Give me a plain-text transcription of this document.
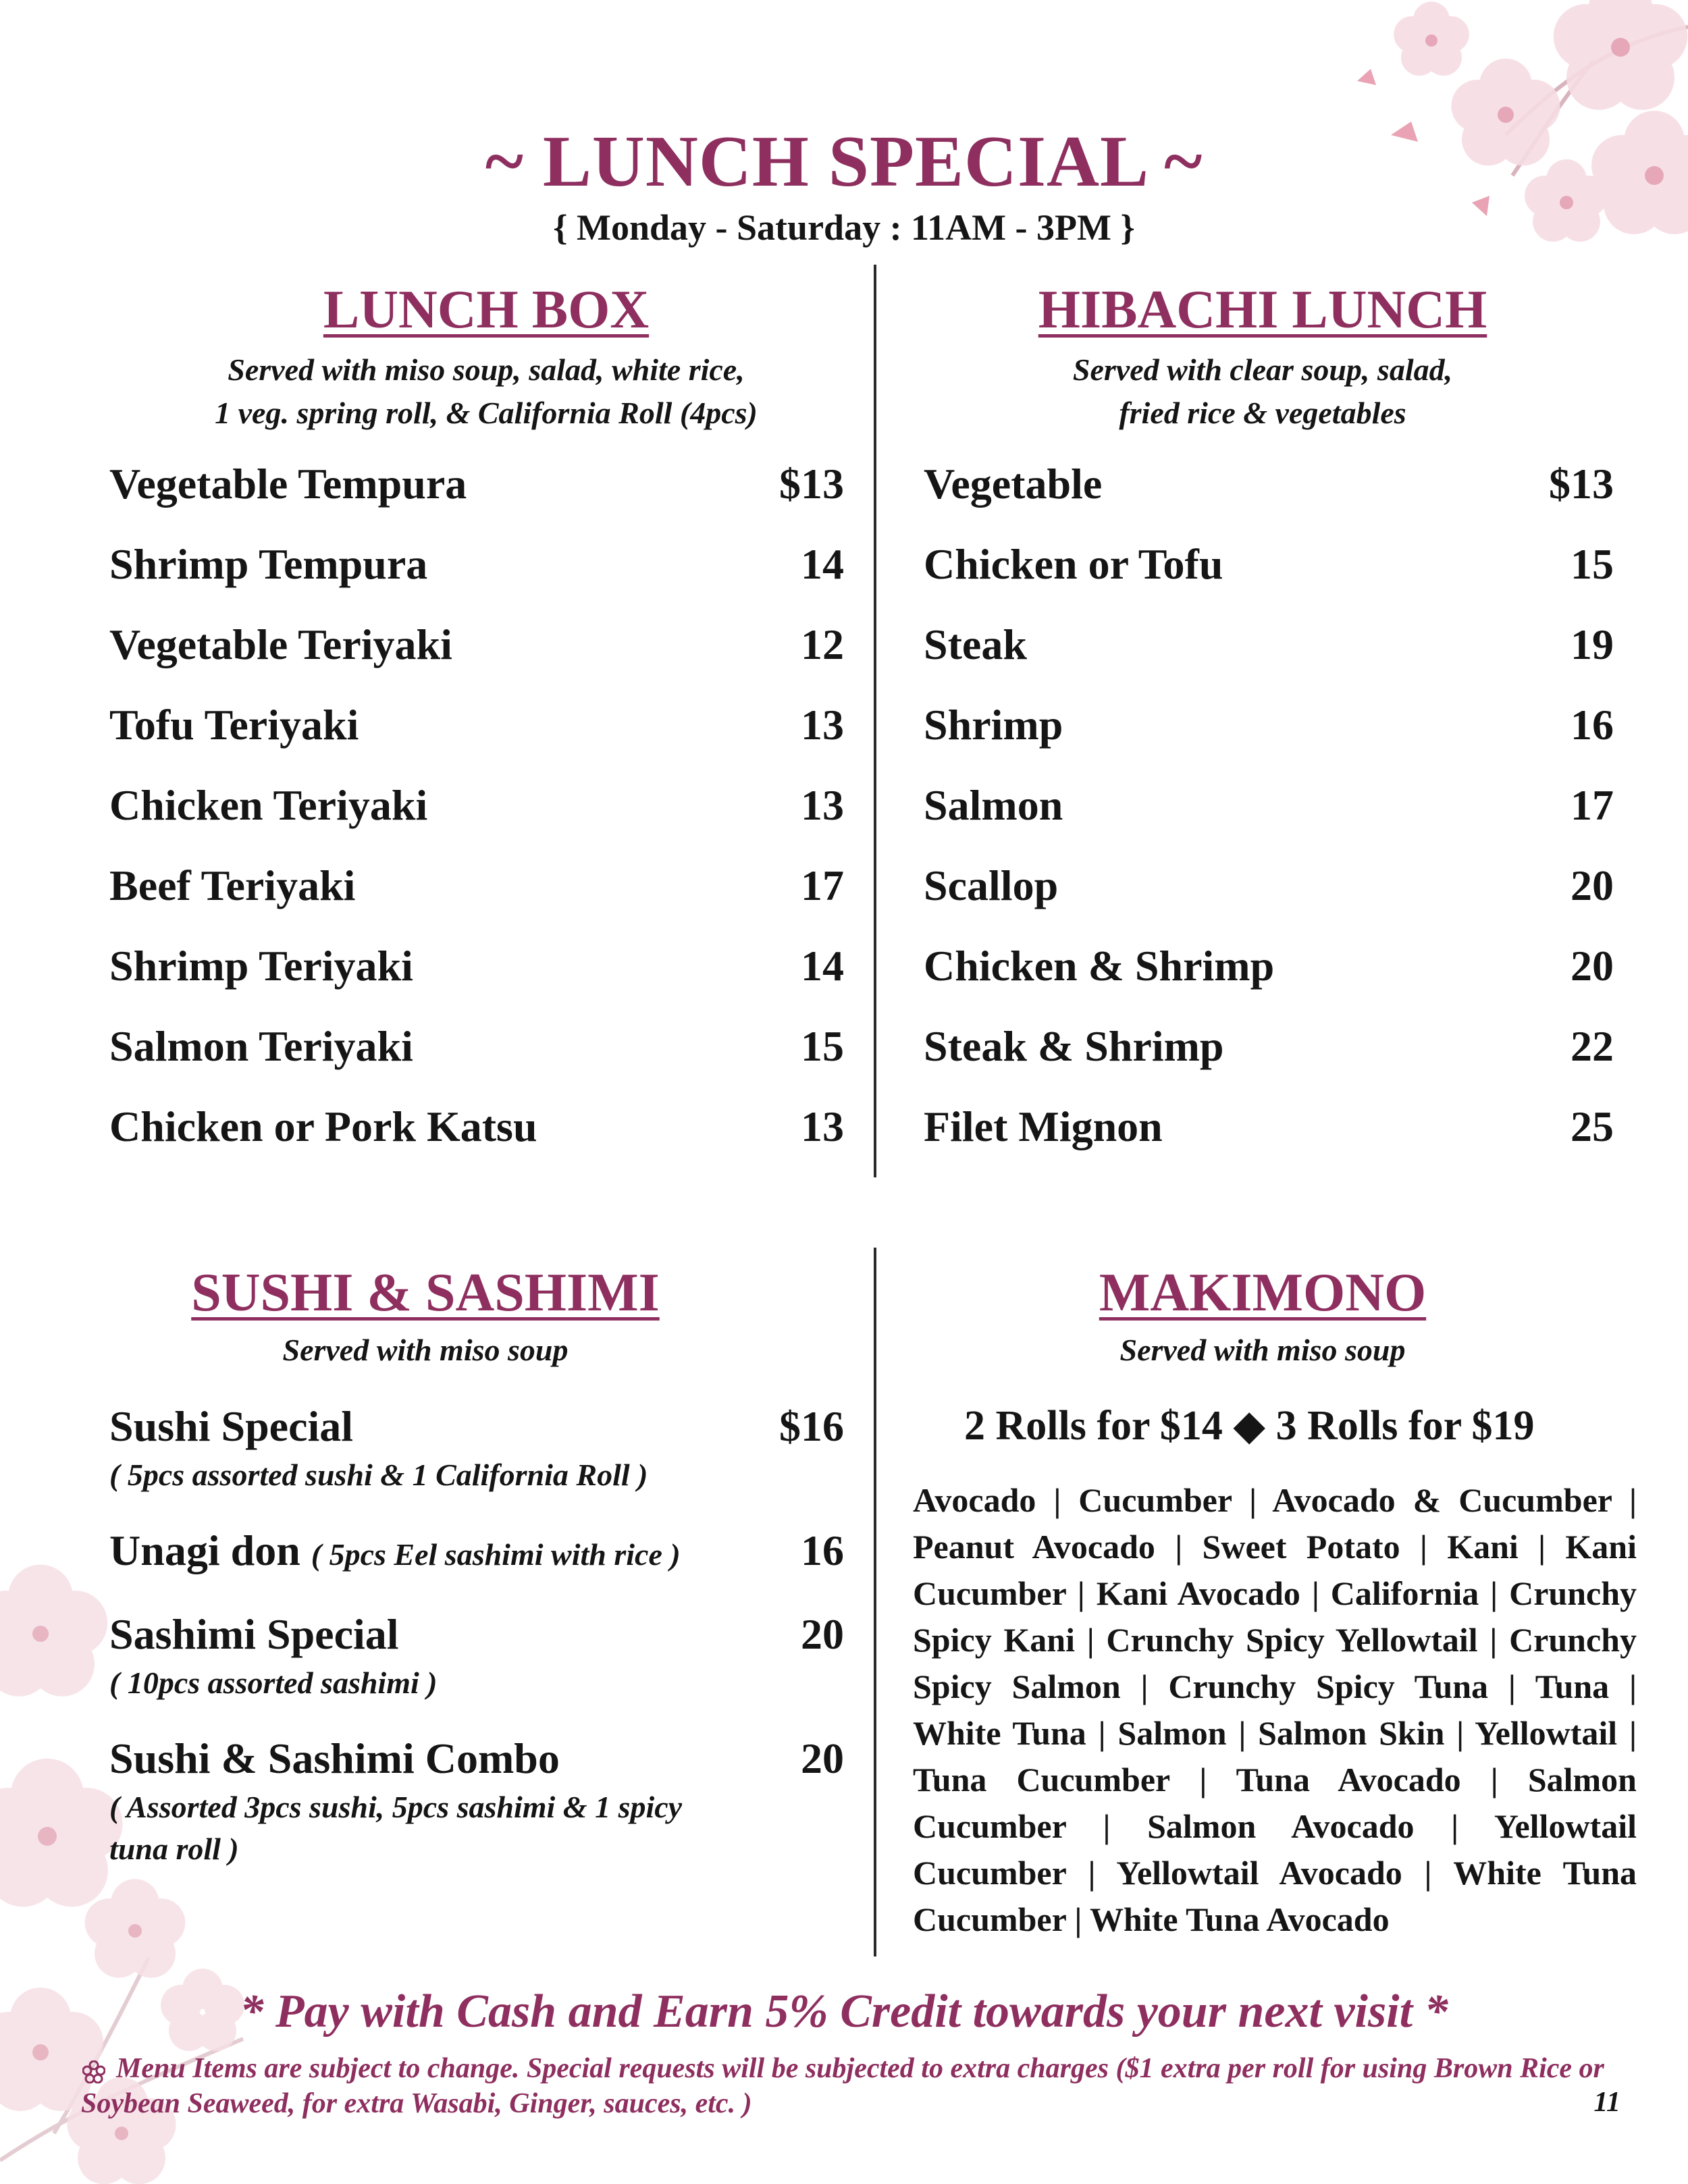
~ LUNCH SPECIAL ~
{ Monday - Saturday : 11AM - 3PM }
LUNCH BOX
Served with miso soup, salad, white rice,
1 veg. spring roll, & California Roll (4pcs)
Vegetable Tempura	$13
Shrimp Tempura	14
Vegetable Teriyaki	12
Tofu Teriyaki	13
Chicken Teriyaki	13
Beef Teriyaki	17
Shrimp Teriyaki	14
Salmon Teriyaki	15
Chicken or Pork Katsu	13
HIBACHI LUNCH
Served with clear soup, salad,
fried rice & vegetables
Vegetable	$13
Chicken or Tofu	15
Steak	19
Shrimp	16
Salmon	17
Scallop	20
Chicken & Shrimp	20
Steak & Shrimp	22
Filet Mignon	25
SUSHI & SASHIMI
Served with miso soup
Sushi Special	$16
( 5pcs assorted sushi & 1 California Roll )
Unagi don ( 5pcs Eel sashimi with rice )	16
Sashimi Special	20
( 10pcs assorted sashimi )
Sushi & Sashimi Combo	20
( Assorted 3pcs sushi, 5pcs sashimi & 1 spicy tuna roll )
MAKIMONO
Served with miso soup
2 Rolls for $14 ◆ 3 Rolls for $19
Avocado | Cucumber | Avocado & Cucumber | Peanut Avocado | Sweet Potato | Kani | Kani Cucumber | Kani Avocado | California | Crunchy Spicy Kani | Crunchy Spicy Yellowtail | Crunchy Spicy Salmon | Crunchy Spicy Tuna | Tuna | White Tuna | Salmon | Salmon Skin | Yellowtail | Tuna Cucumber | Tuna Avocado | Salmon Cucumber | Salmon Avocado | Yellowtail Cucumber | Yellowtail Avocado | White Tuna Cucumber | White Tuna Avocado
* Pay with Cash and Earn 5% Credit towards your next visit *
Menu Items are subject to change. Special requests will be subjected to extra charges ($1 extra per roll for using Brown Rice or Soybean Seaweed, for extra Wasabi, Ginger, sauces, etc. )	11
